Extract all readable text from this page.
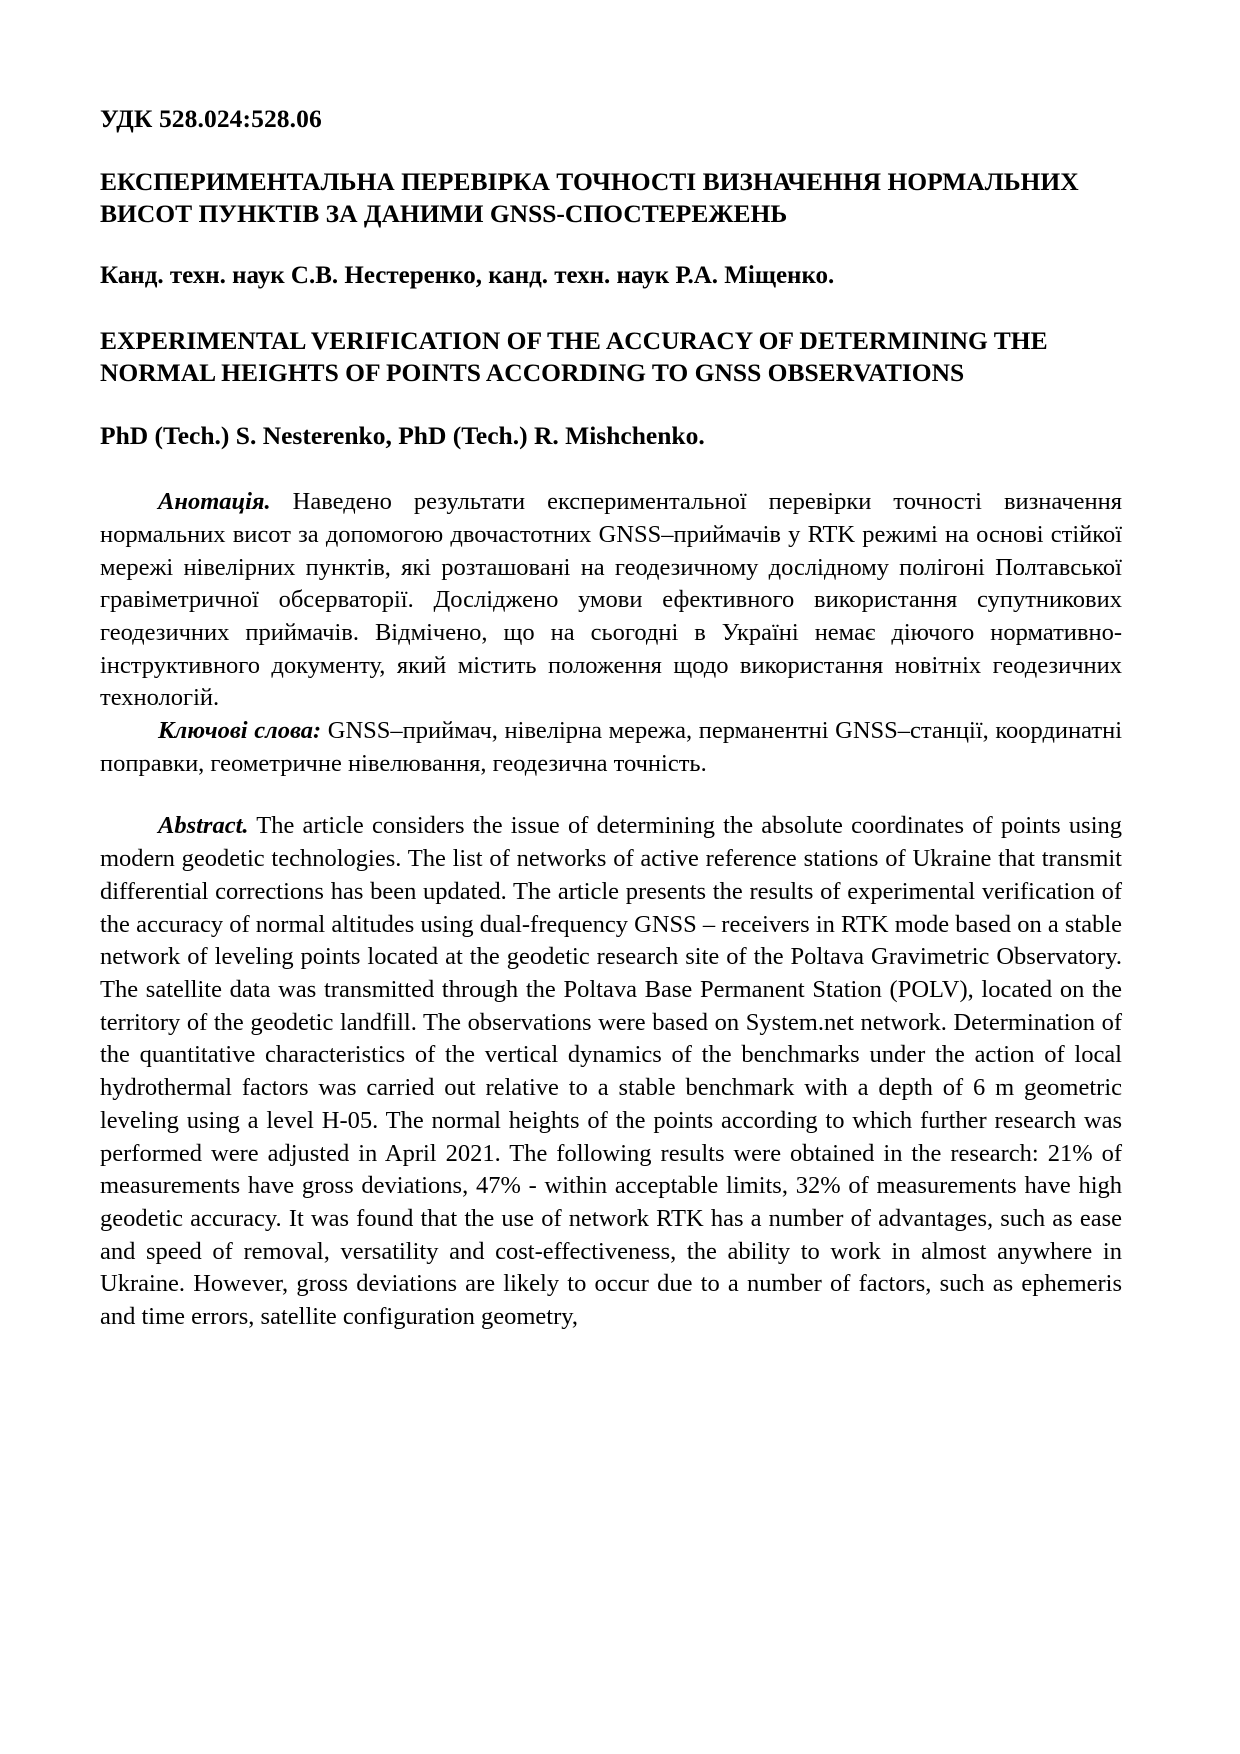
УДК 528.024:528.06
ЕКСПЕРИМЕНТАЛЬНА ПЕРЕВІРКА ТОЧНОСТІ ВИЗНАЧЕННЯ НОРМАЛЬНИХ ВИСОТ ПУНКТІВ ЗА ДАНИМИ GNSS-СПОСТЕРЕЖЕНЬ
Канд. техн. наук С.В. Нестеренко, канд. техн. наук Р.А. Міщенко.
EXPERIMENTAL VERIFICATION OF THE ACCURACY OF DETERMINING THE NORMAL HEIGHTS OF POINTS ACCORDING TO GNSS OBSERVATIONS
PhD (Tech.) S. Nesterenko, PhD (Tech.) R. Mishchenko.

Анотація. Наведено результати експериментальної перевірки точності визначення нормальних висот за допомогою двочастотних GNSS–приймачів у RTK режимі на основі стійкої мережі нівелірних пунктів, які розташовані на геодезичному дослідному полігоні Полтавської гравіметричної обсерваторії. Досліджено умови ефективного використання супутникових геодезичних приймачів. Відмічено, що на сьогодні в Україні немає діючого нормативно-інструктивного документу, який містить положення щодо використання новітніх геодезичних технологій.

Ключові слова: GNSS–приймач, нівелірна мережа, перманентні GNSS–станції, координатні поправки, геометричне нівелювання, геодезична точність.

Abstract. The article considers the issue of determining the absolute coordinates of points using modern geodetic technologies. The list of networks of active reference stations of Ukraine that transmit differential corrections has been updated. The article presents the results of experimental verification of the accuracy of normal altitudes using dual-frequency GNSS – receivers in RTK mode based on a stable network of leveling points located at the geodetic research site of the Poltava Gravimetric Observatory. The satellite data was transmitted through the Poltava Base Permanent Station (POLV), located on the territory of the geodetic landfill. The observations were based on System.net network. Determination of the quantitative characteristics of the vertical dynamics of the benchmarks under the action of local hydrothermal factors was carried out relative to a stable benchmark with a depth of 6 m geometric leveling using a level H-05. The normal heights of the points according to which further research was performed were adjusted in April 2021. The following results were obtained in the research: 21% of measurements have gross deviations, 47% - within acceptable limits, 32% of measurements have high geodetic accuracy. It was found that the use of network RTK has a number of advantages, such as ease and speed of removal, versatility and cost-effectiveness, the ability to work in almost anywhere in Ukraine. However, gross deviations are likely to occur due to a number of factors, such as ephemeris and time errors, satellite configuration geometry,
